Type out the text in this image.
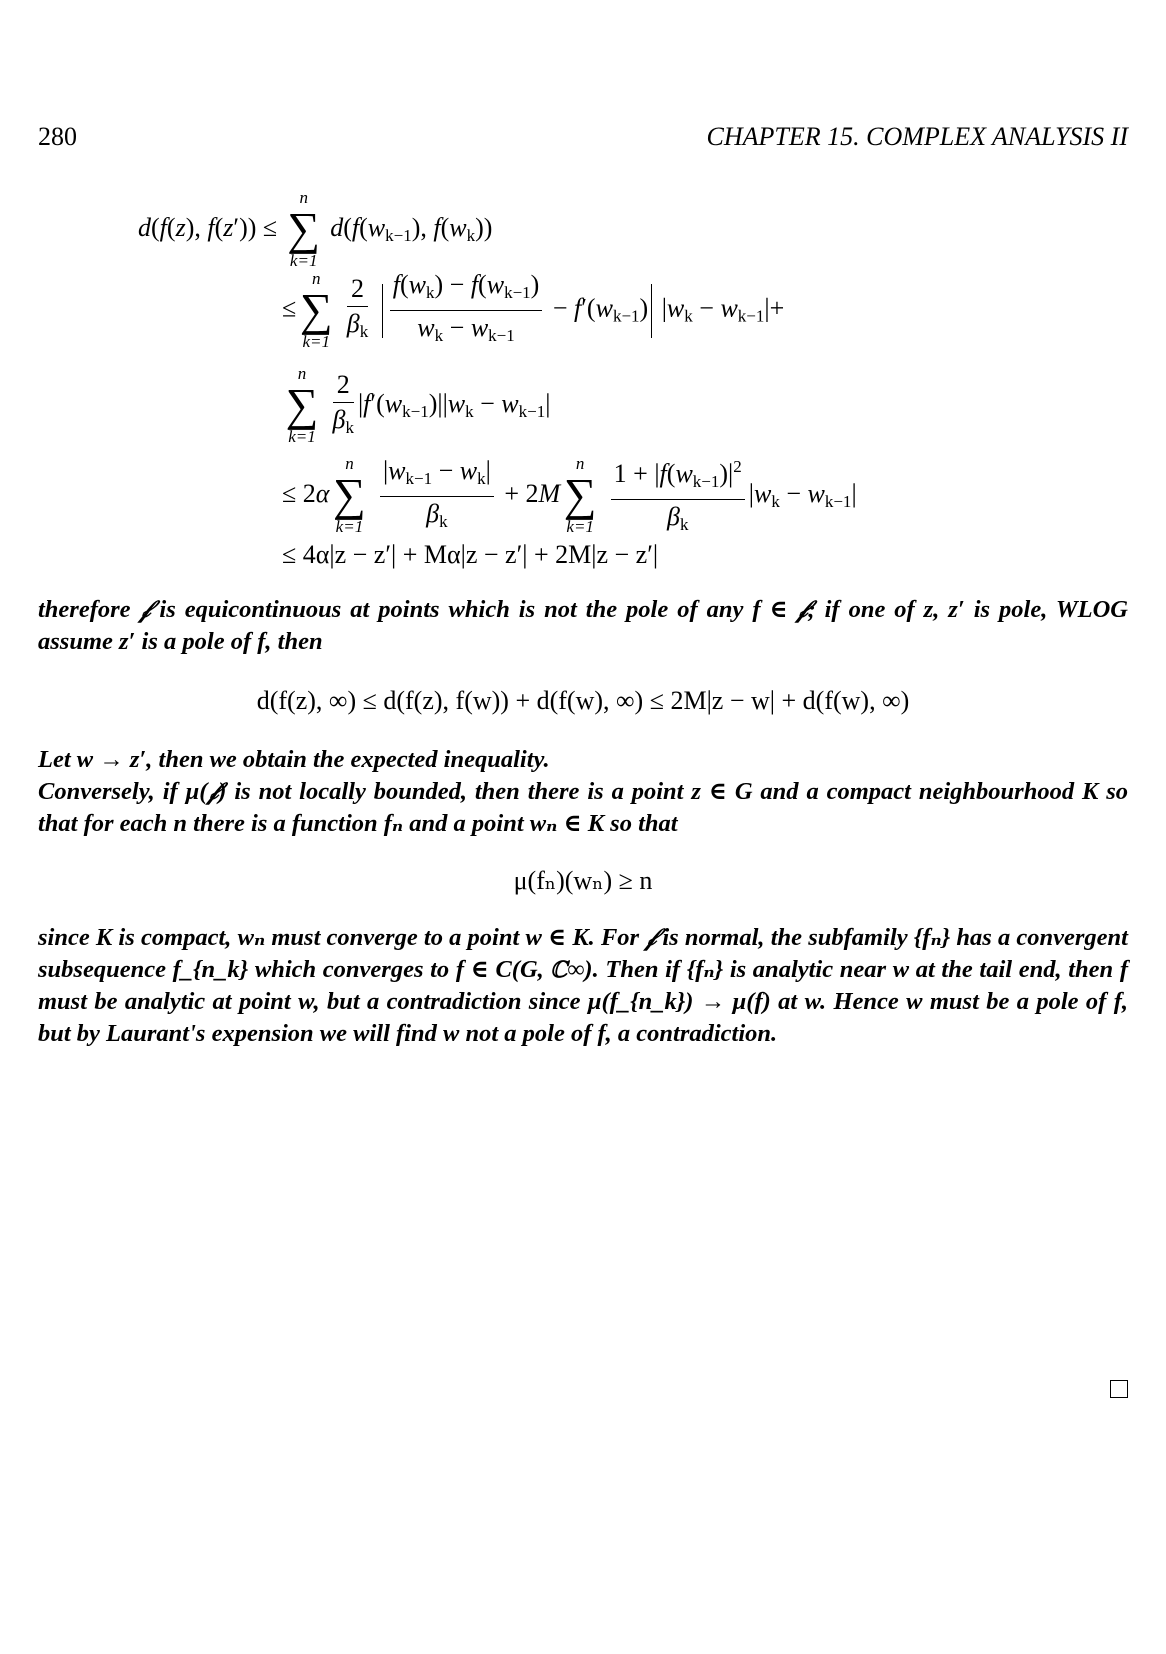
280	CHAPTER 15. COMPLEX ANALYSIS II
d(f(z), f(z′)) ≤
n
∑
k=1
$d(f(w_{k-1})$, $f(w_k)$)
≤
n
∑
k=1
$\frac{2}{\beta_k}$
$\frac{f(w_k) - f(w_{k-1})}{w_k - w_{k-1}} - f'(w_{k-1}) |w_k - w_{k-1}|+$
n
∑
k=1
$\frac{2}{\beta_k} |f'(w_{k-1})||w_k - w_{k-1}|$
≤ 2α
n
∑
k=1
$\frac{|w_{k-1} - w_k|}{\beta_k} + 2M$
n
∑
k=1
$\frac{1 + |f(w_{k-1})|^2}{\beta_k} |w_k - w_{k-1}|$
≤ 4α|z − z′| + Mα|z − z′| + 2M|z − z′|
therefore 𝒻 is equicontinuous at points which is not the pole of any f ∈ 𝒻; if one of z, z′ is pole, WLOG assume z′ is a pole of f, then
d(f(z), ∞) ≤ d(f(z), f(w)) + d(f(w), ∞) ≤ 2M|z − w| + d(f(w), ∞)
Let w → z′, then we obtain the expected inequality.
Conversely, if μ(𝒻) is not locally bounded, then there is a point z ∈ G and a compact neighbourhood K so that for each n there is a function fₙ and a point wₙ ∈ K so that
μ(fₙ)(wₙ) ≥ n
since K is compact, wₙ must converge to a point w ∈ K. For 𝒻 is normal, the subfamily {fₙ} has a convergent subsequence f_{n_k} which converges to f ∈ C(G, ℂ∞). Then if {fₙ} is analytic near w at the tail end, then f must be analytic at point w, but a contradiction since μ(f_{n_k}) → μ(f) at w. Hence w must be a pole of f, but by Laurant's expension we will find w not a pole of f, a contradiction.
